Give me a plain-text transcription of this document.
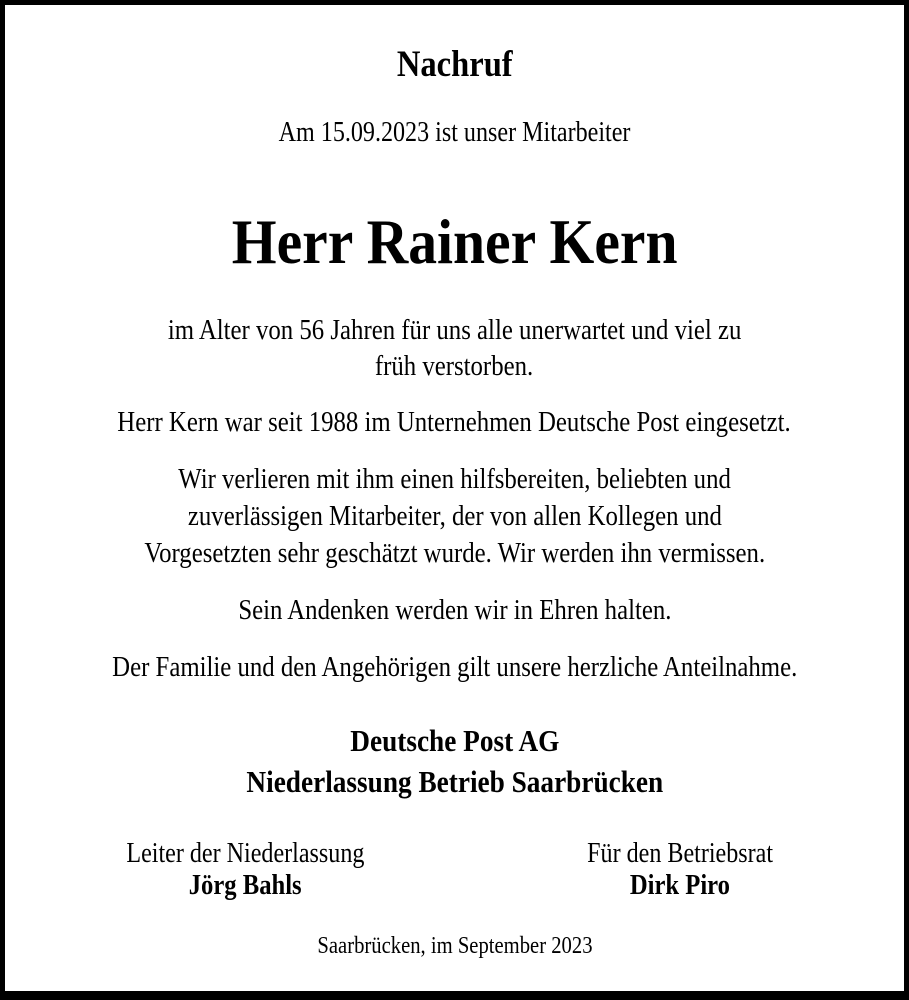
Nachruf
Am 15.09.2023 ist unser Mitarbeiter
Herr Rainer Kern
im Alter von 56 Jahren für uns alle unerwartet und viel zu
früh verstorben.
Herr Kern war seit 1988 im Unternehmen Deutsche Post eingesetzt.
Wir verlieren mit ihm einen hilfsbereiten, beliebten und
zuverlässigen Mitarbeiter, der von allen Kollegen und
Vorgesetzten sehr geschätzt wurde. Wir werden ihn vermissen.
Sein Andenken werden wir in Ehren halten.
Der Familie und den Angehörigen gilt unsere herzliche Anteilnahme.
Deutsche Post AG
Niederlassung Betrieb Saarbrücken
Leiter der Niederlassung
Jörg Bahls
Für den Betriebsrat
Dirk Piro
Saarbrücken, im September 2023
